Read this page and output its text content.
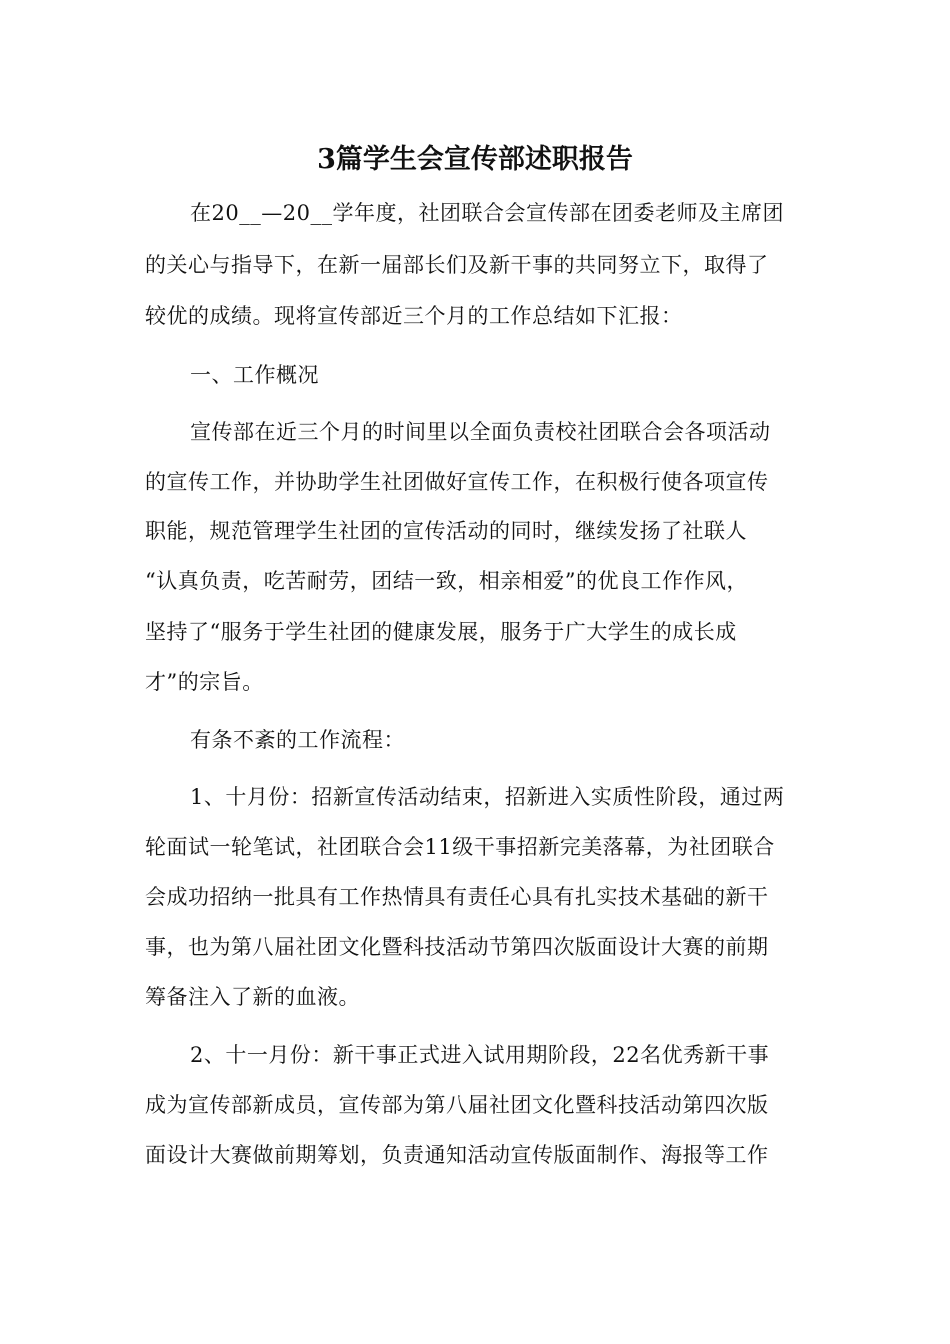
3篇学生会宣传部述职报告
在20__—20__学年度，社团联合会宣传部在团委老师及主席团
的关心与指导下，在新一届部长们及新干事的共同努立下，取得了
较优的成绩。现将宣传部近三个月的工作总结如下汇报：
一、工作概况
宣传部在近三个月的时间里以全面负责校社团联合会各项活动
的宣传工作，并协助学生社团做好宣传工作，在积极行使各项宣传
职能，规范管理学生社团的宣传活动的同时，继续发扬了社联人
“认真负责，吃苦耐劳，团结一致，相亲相爱”的优良工作作风，
坚持了“服务于学生社团的健康发展，服务于广大学生的成长成
才”的宗旨。
有条不紊的工作流程：
1、十月份：招新宣传活动结束，招新进入实质性阶段，通过两
轮面试一轮笔试，社团联合会11级干事招新完美落幕，为社团联合
会成功招纳一批具有工作热情具有责任心具有扎实技术基础的新干
事，也为第八届社团文化暨科技活动节第四次版面设计大赛的前期
筹备注入了新的血液。
2、十一月份：新干事正式进入试用期阶段，22名优秀新干事
成为宣传部新成员，宣传部为第八届社团文化暨科技活动第四次版
面设计大赛做前期筹划，负责通知活动宣传版面制作、海报等工作
